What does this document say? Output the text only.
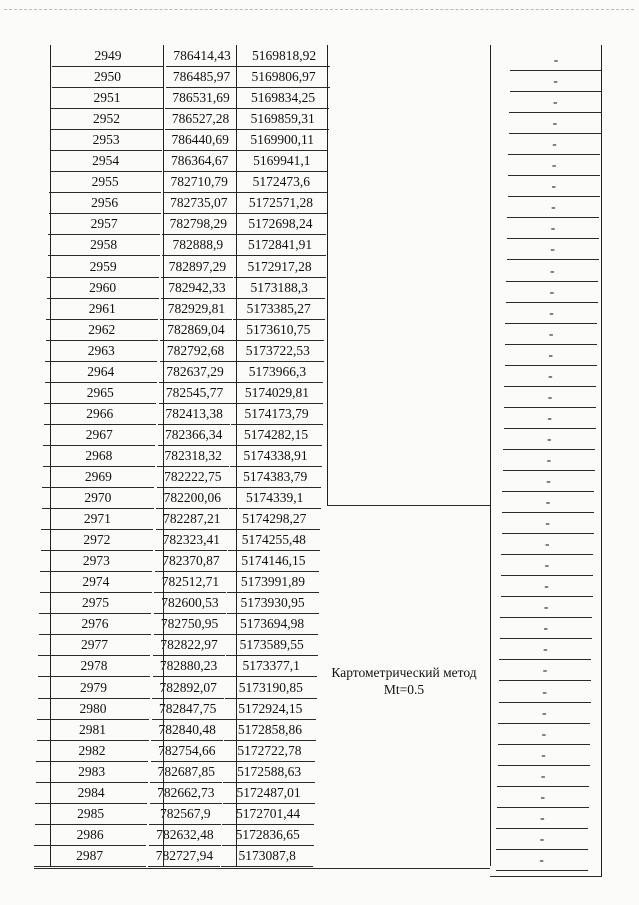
2949	786414,43	5169818,92	-
2950	786485,97	5169806,97	-
2951	786531,69	5169834,25	-
2952	786527,28	5169859,31	-
2953	786440,69	5169900,11	-
2954	786364,67	5169941,1	-
2955	782710,79	5172473,6	-
2956	782735,07	5172571,28	-
2957	782798,29	5172698,24	-
2958	782888,9	5172841,91	-
2959	782897,29	5172917,28	-
2960	782942,33	5173188,3	-
2961	782929,81	5173385,27	-
2962	782869,04	5173610,75	-
2963	782792,68	5173722,53	-
2964	782637,29	5173966,3	-
2965	782545,77	5174029,81	-
2966	782413,38	5174173,79	-
2967	782366,34	5174282,15	-
2968	782318,32	5174338,91	-
2969	782222,75	5174383,79	-
2970	782200,06	5174339,1	-
2971	782287,21	5174298,27	-
2972	782323,41	5174255,48	-
2973	782370,87	5174146,15	-
2974	782512,71	5173991,89	-
2975	782600,53	5173930,95	-
2976	782750,95	5173694,98	-
2977	782822,97	5173589,55	-
2978	782880,23	5173377,1	-
2979	782892,07	5173190,85	-
2980	782847,75	5172924,15	-
2981	782840,48	5172858,86	-
2982	782754,66	5172722,78	-
2983	782687,85	5172588,63	-
2984	782662,73	5172487,01	-
2985	782567,9	5172701,44	-
2986	782632,48	5172836,65	-
2987	782727,94	5173087,8	-
Картометрический метод
Mt=0.5
